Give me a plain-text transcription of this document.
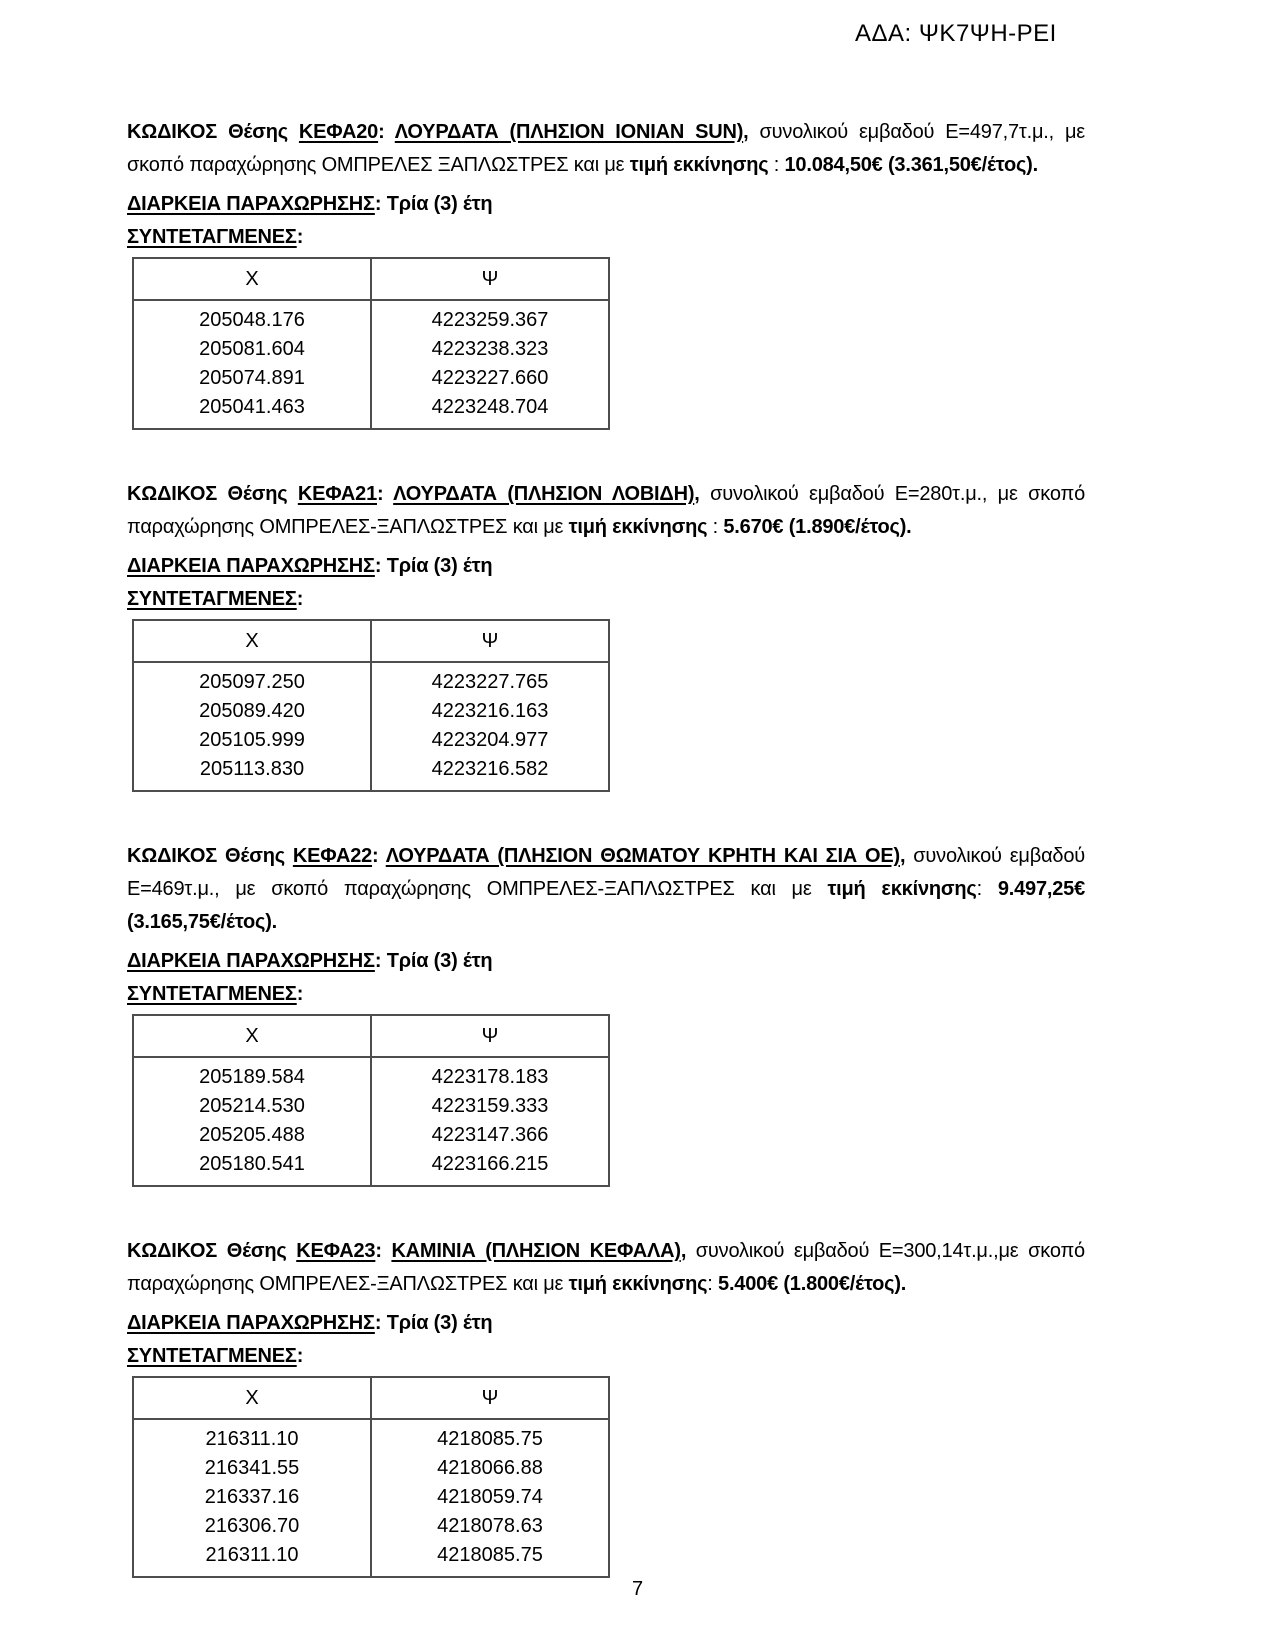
ΑΔΑ: ΨΚ7ΨΗ-ΡΕΙ

ΚΩΔΙΚΟΣ Θέσης ΚΕΦΑ20: ΛΟΥΡΔΑΤΑ (ΠΛΗΣΙΟΝ IONIAN SUN), συνολικού εμβαδού Ε=497,7τ.μ., με σκοπό παραχώρησης ΟΜΠΡΕΛΕΣ ΞΑΠΛΩΣΤΡΕΣ και με τιμή εκκίνησης : 10.084,50€ (3.361,50€/έτος).

ΔΙΑΡΚΕΙΑ ΠΑΡΑΧΩΡΗΣΗΣ: Τρία (3) έτη

ΣΥΝΤΕΤΑΓΜΕΝΕΣ:

Χ	Ψ
205048.176	4223259.367
205081.604	4223238.323
205074.891	4223227.660
205041.463	4223248.704

ΚΩΔΙΚΟΣ Θέσης ΚΕΦΑ21: ΛΟΥΡΔΑΤΑ (ΠΛΗΣΙΟΝ ΛΟΒΙΔΗ), συνολικού εμβαδού Ε=280τ.μ., με σκοπό παραχώρησης ΟΜΠΡΕΛΕΣ-ΞΑΠΛΩΣΤΡΕΣ και με τιμή εκκίνησης : 5.670€ (1.890€/έτος).

ΔΙΑΡΚΕΙΑ ΠΑΡΑΧΩΡΗΣΗΣ: Τρία (3) έτη

ΣΥΝΤΕΤΑΓΜΕΝΕΣ:

Χ	Ψ
205097.250	4223227.765
205089.420	4223216.163
205105.999	4223204.977
205113.830	4223216.582

ΚΩΔΙΚΟΣ Θέσης ΚΕΦΑ22: ΛΟΥΡΔΑΤΑ (ΠΛΗΣΙΟΝ ΘΩΜΑΤΟΥ ΚΡΗΤΗ ΚΑΙ ΣΙΑ ΟΕ), συνολικού εμβαδού Ε=469τ.μ., με σκοπό παραχώρησης ΟΜΠΡΕΛΕΣ-ΞΑΠΛΩΣΤΡΕΣ και με τιμή εκκίνησης: 9.497,25€ (3.165,75€/έτος).

ΔΙΑΡΚΕΙΑ ΠΑΡΑΧΩΡΗΣΗΣ: Τρία (3) έτη

ΣΥΝΤΕΤΑΓΜΕΝΕΣ:

Χ	Ψ
205189.584	4223178.183
205214.530	4223159.333
205205.488	4223147.366
205180.541	4223166.215

ΚΩΔΙΚΟΣ Θέσης ΚΕΦΑ23: ΚΑΜΙΝΙΑ (ΠΛΗΣΙΟΝ ΚΕΦΑΛΑ), συνολικού εμβαδού Ε=300,14τ.μ.,με σκοπό παραχώρησης ΟΜΠΡΕΛΕΣ-ΞΑΠΛΩΣΤΡΕΣ και με τιμή εκκίνησης: 5.400€ (1.800€/έτος).

ΔΙΑΡΚΕΙΑ ΠΑΡΑΧΩΡΗΣΗΣ: Τρία (3) έτη

ΣΥΝΤΕΤΑΓΜΕΝΕΣ:

Χ	Ψ
216311.10	4218085.75
216341.55	4218066.88
216337.16	4218059.74
216306.70	4218078.63
216311.10	4218085.75
7
